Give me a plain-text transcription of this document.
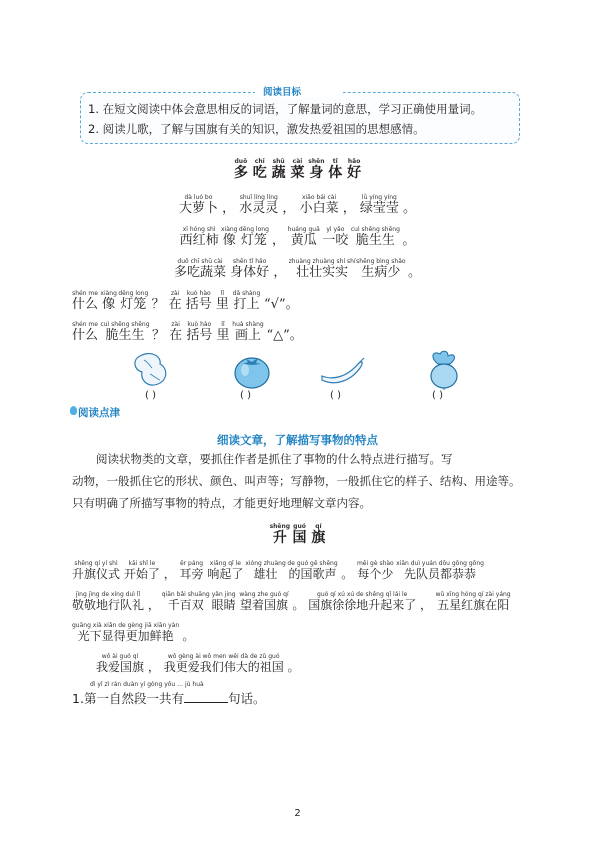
阅读目标
1. 在短文阅读中体会意思相反的词语，了解量词的意思，学习正确使用量词。
2. 阅读儿歌，了解与国旗有关的知识，激发热爱祖国的思想感情。
多duō 吃chī 蔬shū 菜cài 身shēn 体tǐ 好hǎo
大萝卜dà luó bo ， 水灵灵shuǐ líng líng ， 小白菜xiǎo bái cài ， 绿莹莹lǜ yíng yíng 。
西红柿xī hóng shì 像xiàng 灯笼dēng long ， 黄瓜huáng guā 一咬yì yǎo 脆生生cuì shēng shēng 。
多吃蔬菜duō chī shū cài 身体好shēn tǐ hǎo ， 壮壮实实zhuàng zhuàng shí shí 生病少shēng bìng shǎo 。
什么shén me 像xiàng 灯笼dēng long ？ 在zài 括号kuò hào 里lǐ 打上dǎ shàng “√”。
什么shén me 脆生生cuì shēng shēng ？ 在zài 括号kuò hào 里lǐ 画上huà shàng “△”。
( )	( )	( )	( )
阅读点津
细读文章，了解描写事物的特点
阅读状物类的文章，要抓住作者是抓住了事物的什么特点进行描写。写
动物，一般抓住它的形状、颜色、叫声等；写静物，一般抓住它的样子、结构、用途等。
只有明确了所描写事物的特点，才能更好地理解文章内容。
升shēng 国guó 旗qí
升旗仪式shēng qí yí shì 开始了kāi shǐ le ， 耳旁ěr páng 响起了xiǎng qǐ le 雄壮xióng zhuàng 的国歌声de guó gē shēng 。 每个少měi gè shào 先队员都恭恭xiān duì yuán dōu gōng gōng
敬敬地行队礼jìng jìng de xíng duì lǐ ， 千百双qiān bǎi shuāng 眼睛yǎn jing 望着国旗wàng zhe guó qí 。 国旗徐徐地升起来了guó qí xú xú de shēng qǐ lái le ， 五星红旗在阳wǔ xīng hóng qí zài yáng
光下显得更加鲜艳guāng xià xiǎn de gèng jiā xiān yàn 。
我爱国旗wǒ ài guó qí ， 我更爱我们伟大的祖国wǒ gèng ài wǒ men wěi dà de zǔ guó 。
dì yī zì rán duàn yí gòng yǒu … jù huà
1.第一自然段一共有	句话。
2
